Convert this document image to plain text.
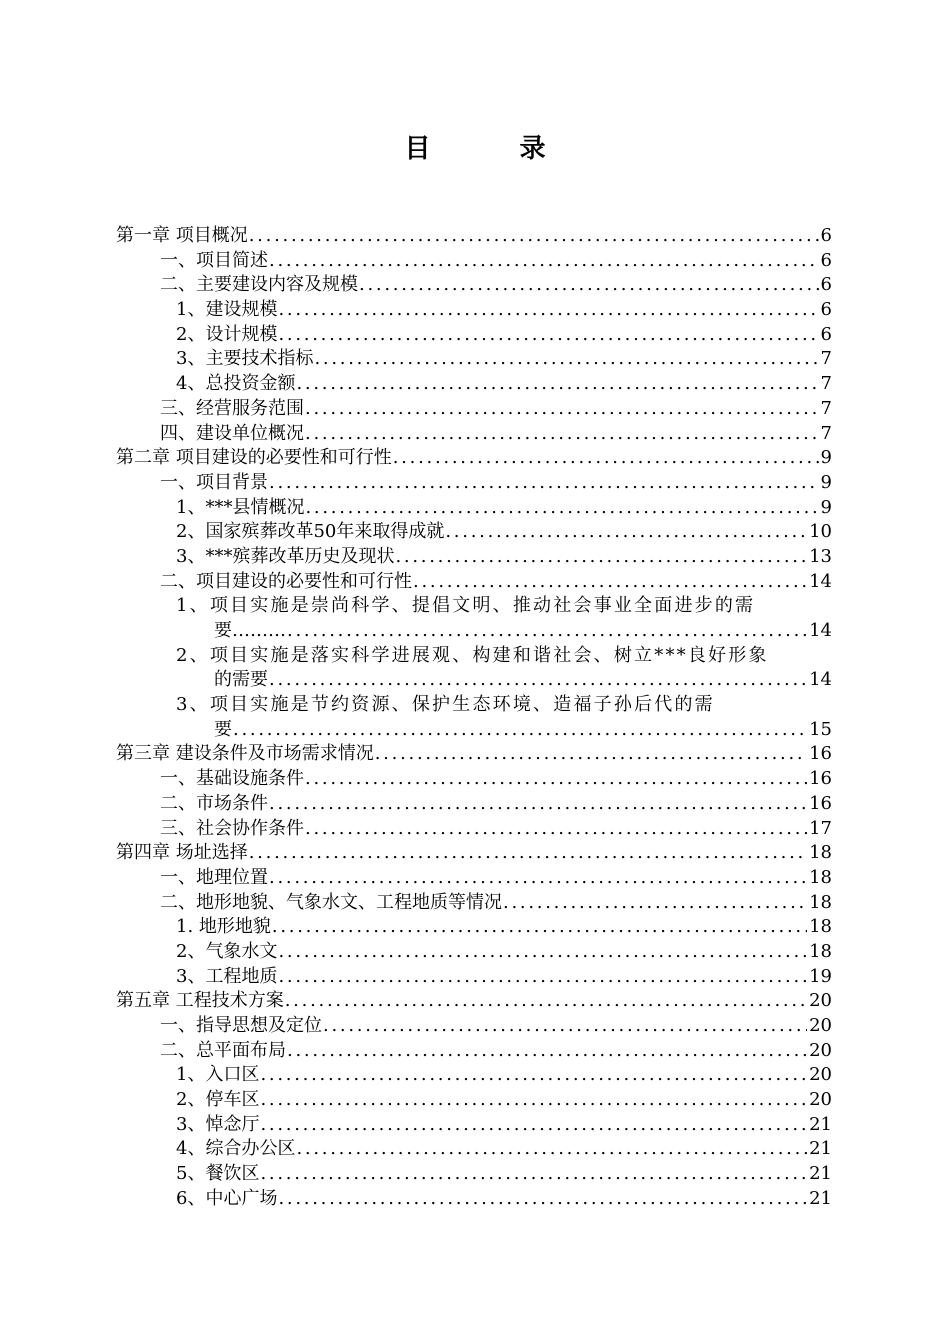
目 录
第一章 项目概况 . . .	6
一、项目简述 . . .	6
二、主要建设内容及规模 . . .	6
1、建设规模 . . .	6
2、设计规模 . . .	6
3、主要技术指标 . . .	7
4、总投资金额 . . .	7
三、经营服务范围 . . .	7
四、建设单位概况 . . .	7
第二章 项目建设的必要性和可行性 . . .	9
一、项目背景 . . .	9
1、***县情概况 . . .	9
2、国家殡葬改革50年来取得成就 . . .	10
3、***殡葬改革历史及现状 . . .	13
二、项目建设的必要性和可行性 . . .	14
1、项目实施是崇尚科学、提倡文明、推动社会事业全面进步的需
要……… . . .	14
2、项目实施是落实科学进展观、构建和谐社会、树立***良好形象
的需要 . . .	14
3、项目实施是节约资源、保护生态环境、造福子孙后代的需
要 . . .	15
第三章 建设条件及市场需求情况 . . .	16
一、基础设施条件 . . .	16
二、市场条件 . . .	16
三、社会协作条件 . . .	17
第四章 场址选择 . . .	18
一、地理位置 . . .	18
二、地形地貌、气象水文、工程地质等情况 . . .	18
1. 地形地貌 . . .	18
2、气象水文 . . .	18
3、工程地质 . . .	19
第五章 工程技术方案 . . .	20
一、指导思想及定位 . . .	20
二、总平面布局 . . .	20
1、入口区 . . .	20
2、停车区 . . .	20
3、悼念厅 . . .	21
4、综合办公区 . . .	21
5、餐饮区 . . .	21
6、中心广场 . . .	21
